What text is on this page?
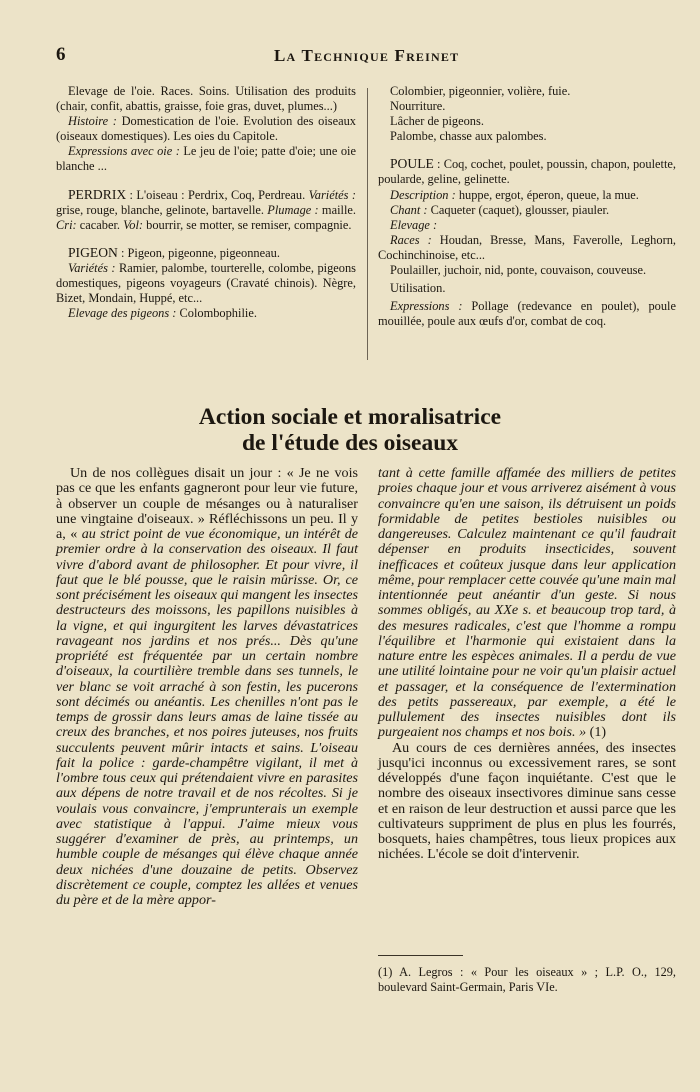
6	La Technique Freinet

Elevage de l'oie. Races. Soins. Utilisation des produits (chair, confit, abattis, graisse, foie gras, duvet, plumes...)

Histoire : Domestication de l'oie. Evolution des oiseaux (oiseaux domestiques). Les oies du Capitole.

Expressions avec oie : Le jeu de l'oie; patte d'oie; une oie blanche ...

PERDRIX : L'oiseau : Perdrix, Coq, Perdreau. Variétés : grise, rouge, blanche, gelinote, bartavelle. Plumage : maille. Cri: cacaber. Vol: bourrir, se motter, se remiser, compagnie.

PIGEON : Pigeon, pigeonne, pigeonneau.

Variétés : Ramier, palombe, tourterelle, colombe, pigeons domestiques, pigeons voyageurs (Cravaté chinois). Nègre, Bizet, Mondain, Huppé, etc...

Elevage des pigeons : Colombophilie.

Colombier, pigeonnier, volière, fuie.

Nourriture.

Lâcher de pigeons.

Palombe, chasse aux palombes.

POULE : Coq, cochet, poulet, poussin, chapon, poulette, poularde, geline, gelinette.

Description : huppe, ergot, éperon, queue, la mue.

Chant : Caqueter (caquet), glousser, piauler.

Elevage :

Races : Houdan, Bresse, Mans, Faverolle, Leghorn, Cochinchinoise, etc...

Poulailler, juchoir, nid, ponte, couvaison, couveuse.

Utilisation.

Expressions : Pollage (redevance en poulet), poule mouillée, poule aux œufs d'or, combat de coq.

Action sociale et moralisatrice
de l'étude des oiseaux

Un de nos collègues disait un jour : « Je ne vois pas ce que les enfants gagneront pour leur vie future, à observer un couple de mésanges ou à naturaliser une vingtaine d'oiseaux. » Réfléchissons un peu. Il y a, « au strict point de vue économique, un intérêt de premier ordre à la conservation des oiseaux. Il faut vivre d'abord avant de philosopher. Et pour vivre, il faut que le blé pousse, que le raisin mûrisse. Or, ce sont précisément les oiseaux qui mangent les insectes destructeurs des moissons, les papillons nuisibles à la vigne, et qui ingurgitent les larves dévastatrices ravageant nos jardins et nos prés... Dès qu'une propriété est fréquentée par un certain nombre d'oiseaux, la courtilière tremble dans ses tunnels, le ver blanc se voit arraché à son festin, les pucerons sont décimés ou anéantis. Les chenilles n'ont pas le temps de grossir dans leurs amas de laine tissée au creux des branches, et nos poires juteuses, nos fruits succulents peuvent mûrir intacts et sains. L'oiseau fait la police : garde-champêtre vigilant, il met à l'ombre tous ceux qui prétendaient vivre en parasites aux dépens de notre travail et de nos récoltes. Si je voulais vous convaincre, j'emprunterais un exemple avec statistique à l'appui. J'aime mieux vous suggérer d'examiner de près, au printemps, un humble couple de mésanges qui élève chaque année deux nichées d'une douzaine de petits. Observez discrètement ce couple, comptez les allées et venues du père et de la mère appor-

tant à cette famille affamée des milliers de petites proies chaque jour et vous arriverez aisément à vous convaincre qu'en une saison, ils détruisent un poids formidable de petites bestioles nuisibles ou dangereuses. Calculez maintenant ce qu'il faudrait dépenser en produits insecticides, souvent inefficaces et coûteux jusque dans leur application même, pour remplacer cette couvée qu'une main mal intentionnée peut anéantir d'un geste. Si nous sommes obligés, au XXe s. et beaucoup trop tard, à des mesures radicales, c'est que l'homme a rompu l'équilibre et l'harmonie qui existaient dans la nature entre les espèces animales. Il a perdu de vue une utilité lointaine pour ne voir qu'un plaisir actuel et passager, et la conséquence de l'extermination des petits passereaux, par exemple, a été le pullulement des insectes nuisibles dont ils purgeaient nos champs et nos bois. » (1)

Au cours de ces dernières années, des insectes jusqu'ici inconnus ou excessivement rares, se sont développés d'une façon inquiétante. C'est que le nombre des oiseaux insectivores diminue sans cesse et en raison de leur destruction et aussi parce que les cultivateurs suppriment de plus en plus les fourrés, bosquets, haies champêtres, tous lieux propices aux nichées. L'école se doit d'intervenir.

(1) A. Legros : « Pour les oiseaux » ; L.P. O., 129, boulevard Saint-Germain, Paris VIe.
